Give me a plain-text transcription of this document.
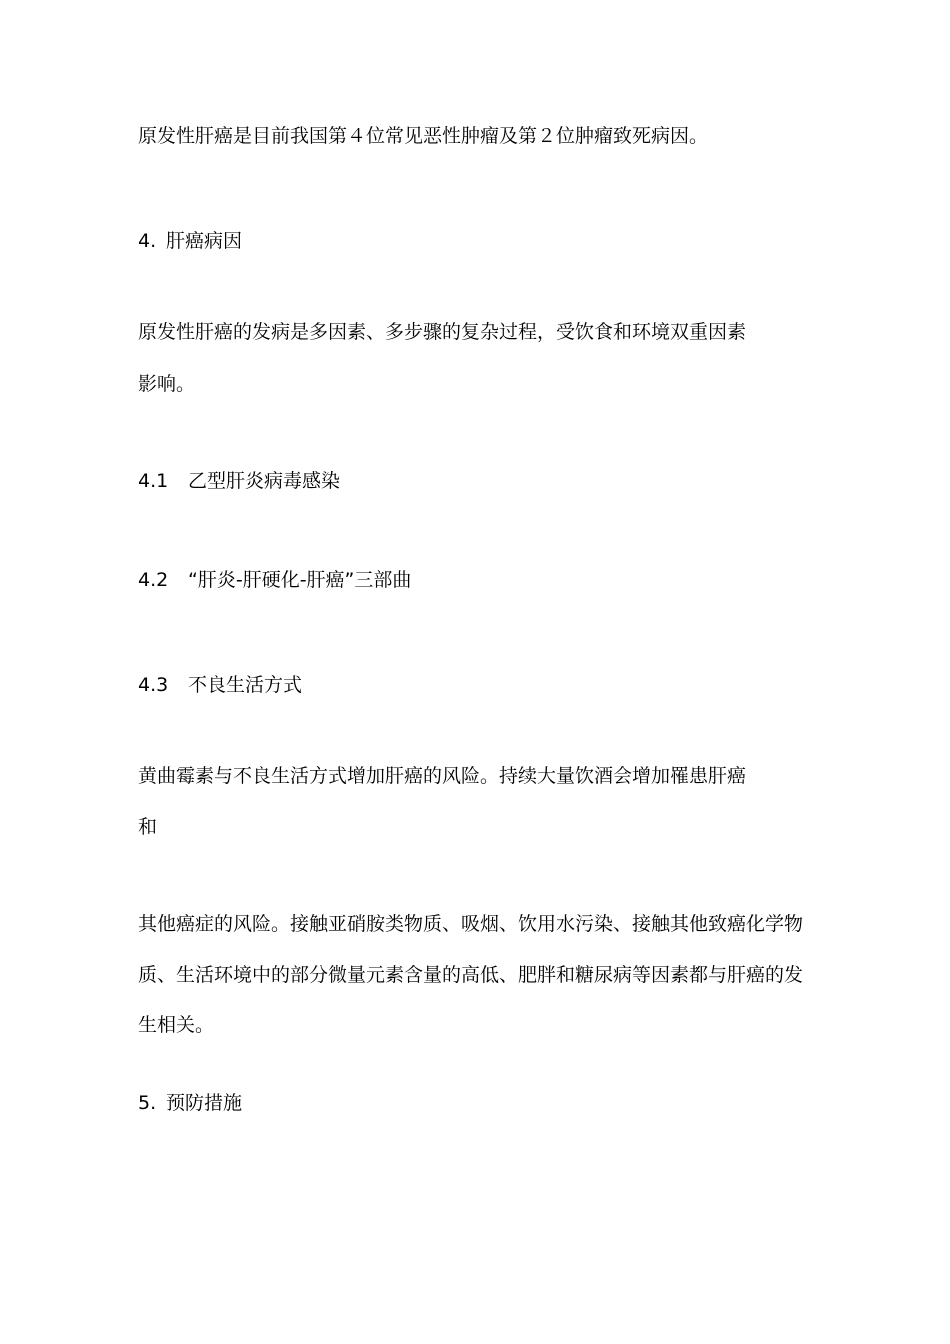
原发性肝癌是目前我国第４位常见恶性肿瘤及第２位肿瘤致死病因。

4. 肝癌病因

原发性肝癌的发病是多因素、多步骤的复杂过程，受饮食和环境双重因素

影响。

4.1 乙型肝炎病毒感染
4.2 “肝炎-肝硬化-肝癌”三部曲
4.3 不良生活方式

黄曲霉素与不良生活方式增加肝癌的风险。持续大量饮酒会增加罹患肝癌

和

其他癌症的风险。接触亚硝胺类物质、吸烟、饮用水污染、接触其他致癌化学物

质、生活环境中的部分微量元素含量的高低、肥胖和糖尿病等因素都与肝癌的发

生相关。

5. 预防措施
